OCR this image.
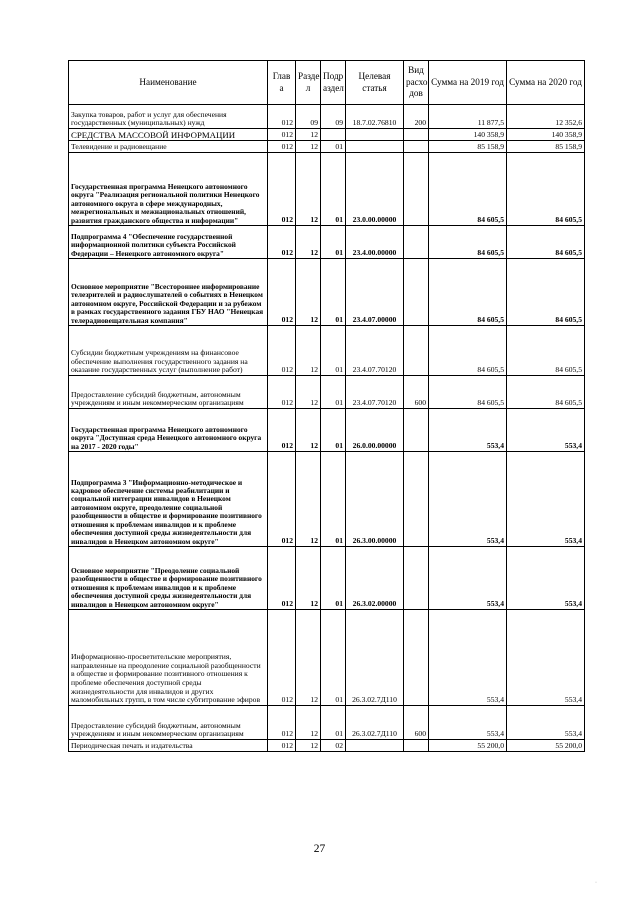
Наименование	Глав а	Разде л	Подр аздел	Целевая статья	Вид расхо дов	Сумма на 2019 год	Сумма на 2020 год
Закупка товаров, работ и услуг для обеспечения государственных (муниципальных) нужд	012	09	09	18.7.02.76810	200	11 877,5	12 352,6
СРЕДСТВА МАССОВОЙ ИНФОРМАЦИИ	012	12				140 358,9	140 358,9
Телевидение и радиовещание	012	12	01			85 158,9	85 158,9
Государственная программа Ненецкого автономного округа "Реализация региональной политики Ненецкого автономного округа в сфере международных, межрегиональных и межнациональных отношений, развития гражданского общества и информации"	012	12	01	23.0.00.00000		84 605,5	84 605,5
Подпрограмма 4 "Обеспечение государственной информационной политики субъекта Российской Федерации – Ненецкого автономного округа"	012	12	01	23.4.00.00000		84 605,5	84 605,5
Основное мероприятие "Всестороннее информирование телезрителей и радиослушателей о событиях в Ненецком автономном округе, Российской Федерации и за рубежом в рамках государственного задания ГБУ НАО "Ненецкая телерадиовещательная компания"	012	12	01	23.4.07.00000		84 605,5	84 605,5
Субсидии бюджетным учреждениям на финансовое обеспечение выполнения государственного задания на оказание государственных услуг (выполнение работ)	012	12	01	23.4.07.70120		84 605,5	84 605,5
Предоставление субсидий бюджетным, автономным учреждениям и иным некоммерческим организациям	012	12	01	23.4.07.70120	600	84 605,5	84 605,5
Государственная программа Ненецкого автономного округа "Доступная среда Ненецкого автономного округа на 2017 - 2020 годы"	012	12	01	26.0.00.00000		553,4	553,4
Подпрограмма 3 "Информационно-методическое и кадровое обеспечение системы реабилитации и социальной интеграции инвалидов в Ненецком автономном округе, преодоление социальной разобщенности в обществе и формирование позитивного отношения к проблемам инвалидов и к проблеме обеспечения доступной среды жизнедеятельности для инвалидов в Ненецком автономном округе"	012	12	01	26.3.00.00000		553,4	553,4
Основное мероприятие "Преодоление социальной разобщенности в обществе и формирование позитивного отношения к проблемам инвалидов и к проблеме обеспечения доступной среды жизнедеятельности для инвалидов в Ненецком автономном округе"	012	12	01	26.3.02.00000		553,4	553,4
Информационно-просветительские мероприятия, направленные на преодоление социальной разобщенности в обществе и формирование позитивного отношения к проблеме обеспечения доступной среды жизнедеятельности для инвалидов и других маломобильных групп, в том числе субтитрование эфиров	012	12	01	26.3.02.7Д110		553,4	553,4
Предоставление субсидий бюджетным, автономным учреждениям и иным некоммерческим организациям	012	12	01	26.3.02.7Д110	600	553,4	553,4
Периодическая печать и издательства	012	12	02			55 200,0	55 200,0
27
·
